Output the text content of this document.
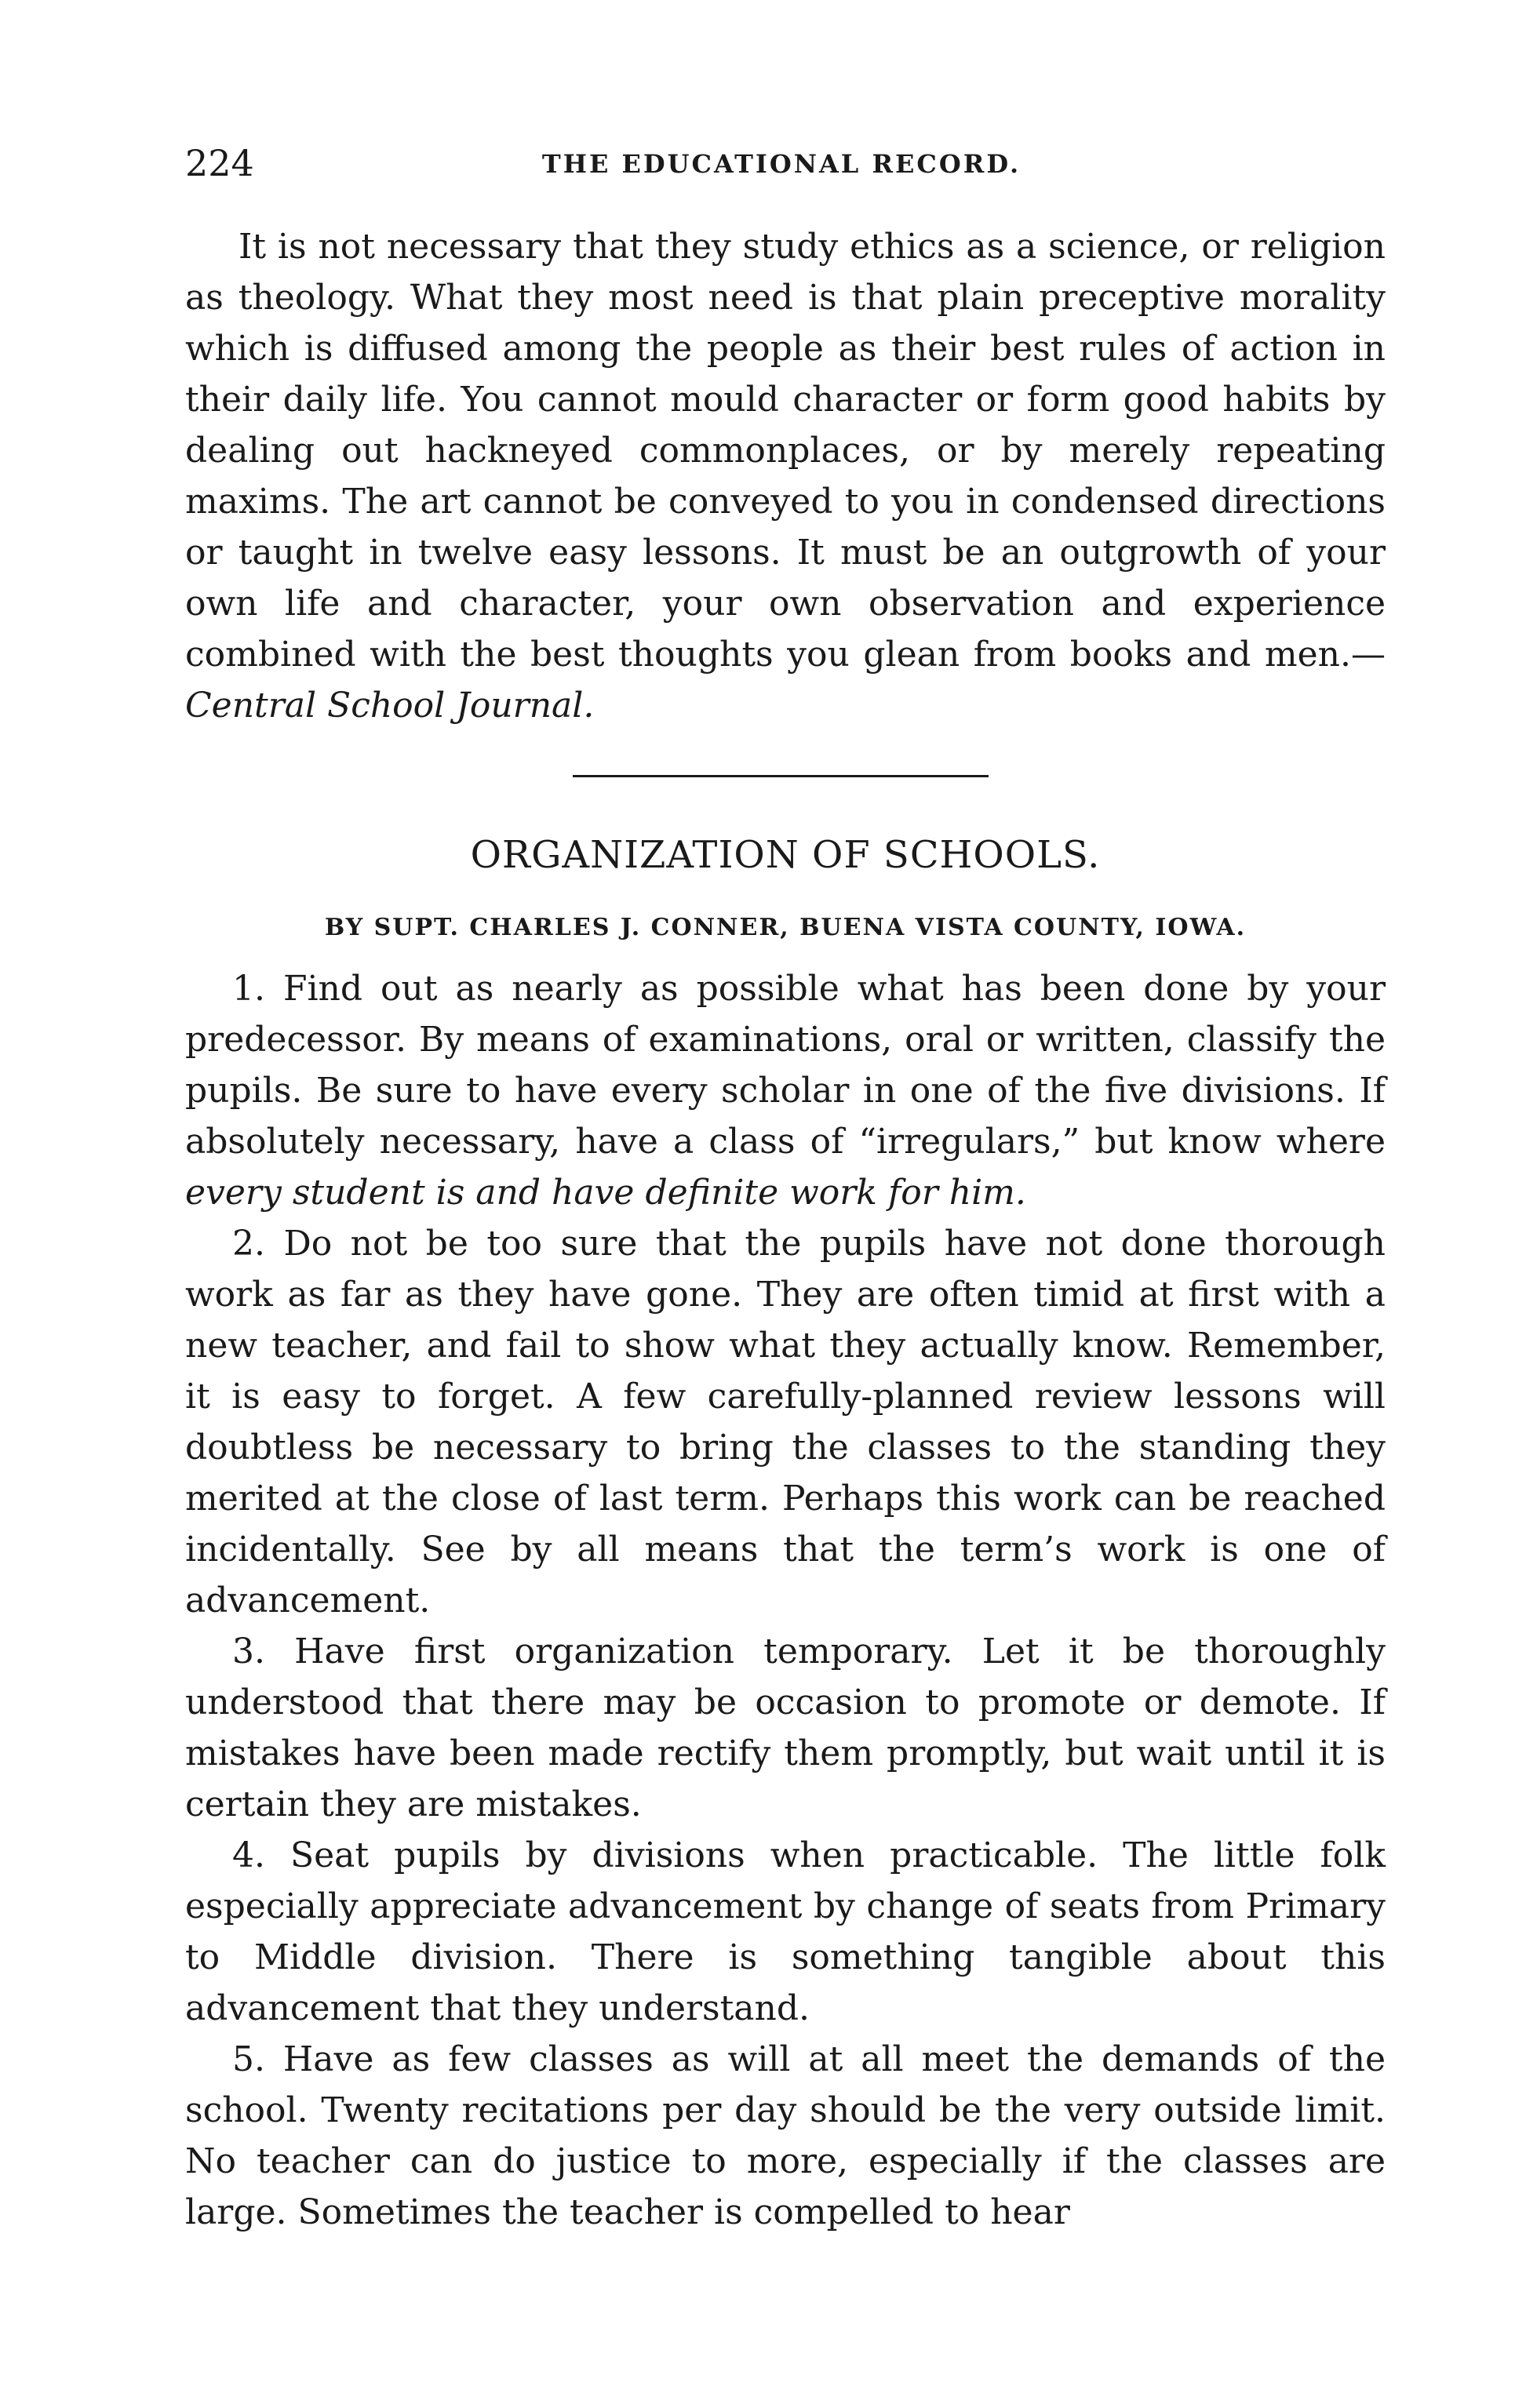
224	THE EDUCATIONAL RECORD.

It is not necessary that they study ethics as a science, or religion as theology. What they most need is that plain preceptive morality which is diffused among the people as their best rules of action in their daily life. You cannot mould character or form good habits by dealing out hackneyed commonplaces, or by merely repeating maxims. The art cannot be conveyed to you in condensed directions or taught in twelve easy lessons. It must be an outgrowth of your own life and character, your own observation and experience combined with the best thoughts you glean from books and men.—Central School Journal.

ORGANIZATION OF SCHOOLS.
BY SUPT. CHARLES J. CONNER, BUENA VISTA COUNTY, IOWA.

1. Find out as nearly as possible what has been done by your predecessor. By means of examinations, oral or written, classify the pupils. Be sure to have every scholar in one of the five divisions. If absolutely necessary, have a class of “irregulars,” but know where every student is and have definite work for him.

2. Do not be too sure that the pupils have not done thorough work as far as they have gone. They are often timid at first with a new teacher, and fail to show what they actually know. Remember, it is easy to forget. A few carefully-planned review lessons will doubtless be necessary to bring the classes to the standing they merited at the close of last term. Perhaps this work can be reached incidentally. See by all means that the term’s work is one of advancement.

3. Have first organization temporary. Let it be thoroughly understood that there may be occasion to promote or demote. If mistakes have been made rectify them promptly, but wait until it is certain they are mistakes.

4. Seat pupils by divisions when practicable. The little folk especially appreciate advancement by change of seats from Primary to Middle division. There is something tangible about this advancement that they understand.

5. Have as few classes as will at all meet the demands of the school. Twenty recitations per day should be the very outside limit. No teacher can do justice to more, especially if the classes are large. Sometimes the teacher is compelled to hear
